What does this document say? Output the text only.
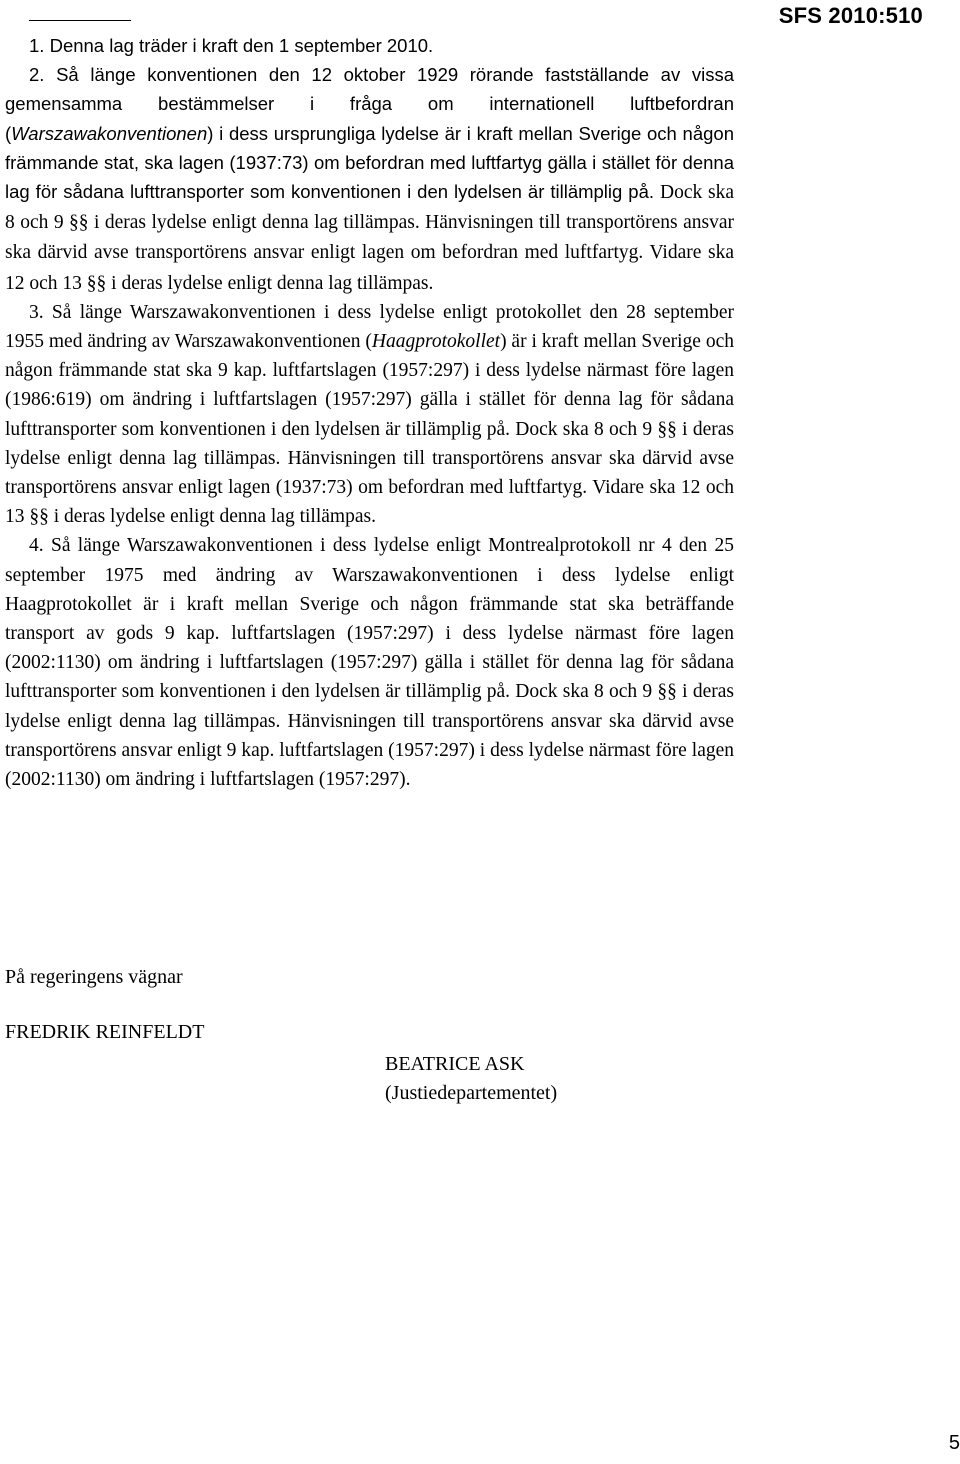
SFS 2010:510

1. Denna lag träder i kraft den 1 september 2010.

2. Så länge konventionen den 12 oktober 1929 rörande fastställande av vissa gemensamma bestämmelser i fråga om internationell luftbefordran (Warszawakonventionen) i dess ursprungliga lydelse är i kraft mellan Sverige och någon främmande stat, ska lagen (1937:73) om befordran med luftfartyg gälla i stället för denna lag för sådana lufttransporter som konventionen i den lydelsen är tillämplig på. Dock ska 8 och 9 §§ i deras lydelse enligt denna lag tillämpas. Hänvisningen till transportörens ansvar ska därvid avse transportörens ansvar enligt lagen om befordran med luftfartyg. Vidare ska 12 och 13 §§ i deras lydelse enligt denna lag tillämpas.

3. Så länge Warszawakonventionen i dess lydelse enligt protokollet den 28 september 1955 med ändring av Warszawakonventionen (Haagprotokollet) är i kraft mellan Sverige och någon främmande stat ska 9 kap. luftfartslagen (1957:297) i dess lydelse närmast före lagen (1986:619) om ändring i luftfartslagen (1957:297) gälla i stället för denna lag för sådana lufttransporter som konventionen i den lydelsen är tillämplig på. Dock ska 8 och 9 §§ i deras lydelse enligt denna lag tillämpas. Hänvisningen till transportörens ansvar ska därvid avse transportörens ansvar enligt lagen (1937:73) om befordran med luftfartyg. Vidare ska 12 och 13 §§ i deras lydelse enligt denna lag tillämpas.

4. Så länge Warszawakonventionen i dess lydelse enligt Montrealprotokoll nr 4 den 25 september 1975 med ändring av Warszawakonventionen i dess lydelse enligt Haagprotokollet är i kraft mellan Sverige och någon främmande stat ska beträffande transport av gods 9 kap. luftfartslagen (1957:297) i dess lydelse närmast före lagen (2002:1130) om ändring i luftfartslagen (1957:297) gälla i stället för denna lag för sådana lufttransporter som konventionen i den lydelsen är tillämplig på. Dock ska 8 och 9 §§ i deras lydelse enligt denna lag tillämpas. Hänvisningen till transportörens ansvar ska därvid avse transportörens ansvar enligt 9 kap. luftfartslagen (1957:297) i dess lydelse närmast före lagen (2002:1130) om ändring i luftfartslagen (1957:297).

På regeringens vägnar
FREDRIK REINFELDT
BEATRICE ASK
(Justiedepartementet)
5
